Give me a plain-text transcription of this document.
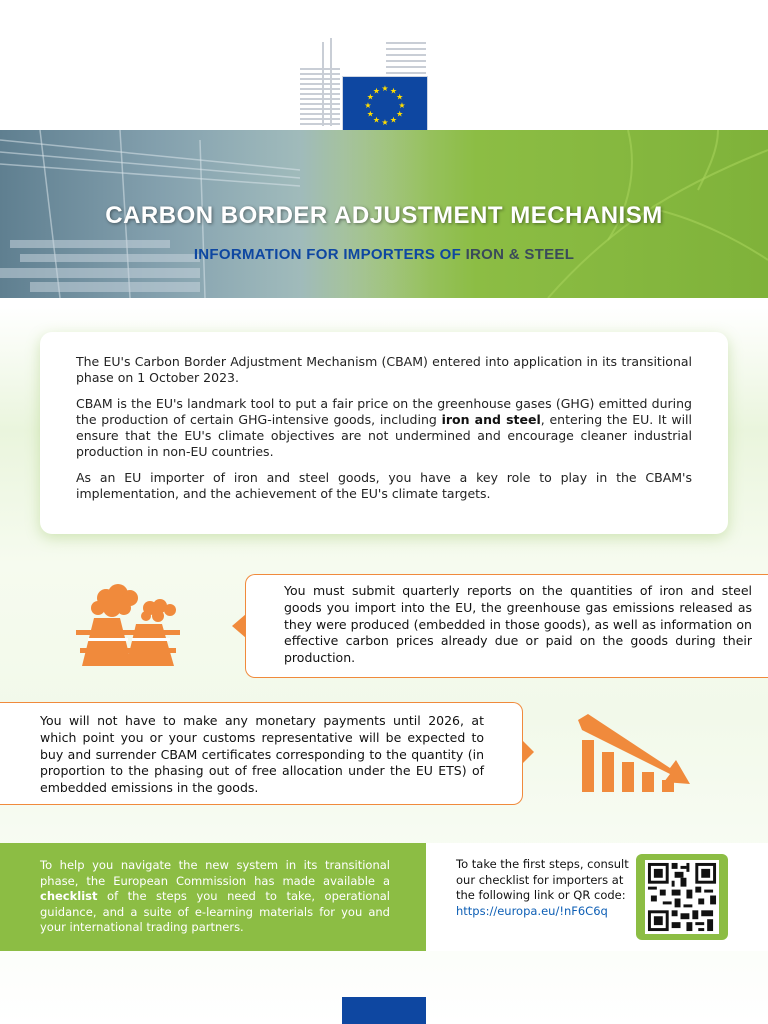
★ ★
★
★
★
★
★
★
★
★
★
★
CARBON BORDER ADJUSTMENT MECHANISM
INFORMATION FOR IMPORTERS OF IRON & STEEL

The EU's Carbon Border Adjustment Mechanism (CBAM) entered into application in its transitional phase on 1 October 2023.

CBAM is the EU's landmark tool to put a fair price on the greenhouse gases (GHG) emitted during the production of certain GHG-intensive goods, including iron and steel, entering the EU. It will ensure that the EU's climate objectives are not undermined and encourage cleaner industrial production in non-EU countries.

As an EU importer of iron and steel goods, you have a key role to play in the CBAM's implementation, and the achievement of the EU's climate targets.

You must submit quarterly reports on the quantities of iron and steel goods you import into the EU, the greenhouse gas emissions released as they were produced (embedded in those goods), as well as information on effective carbon prices already due or paid on the goods during their production.
You will not have to make any monetary payments until 2026, at which point you or your customs representative will be expected to buy and surrender CBAM certificates corresponding to the quantity (in proportion to the phasing out of free allocation under the EU ETS) of embedded emissions in the goods.
To help you navigate the new system in its transitional phase, the European Commission has made available a checklist of the steps you need to take, operational guidance, and a suite of e-learning materials for you and your international trading partners.
To take the first steps, consult our checklist for importers at the following link or QR code: https://europa.eu/!nF6C6q
